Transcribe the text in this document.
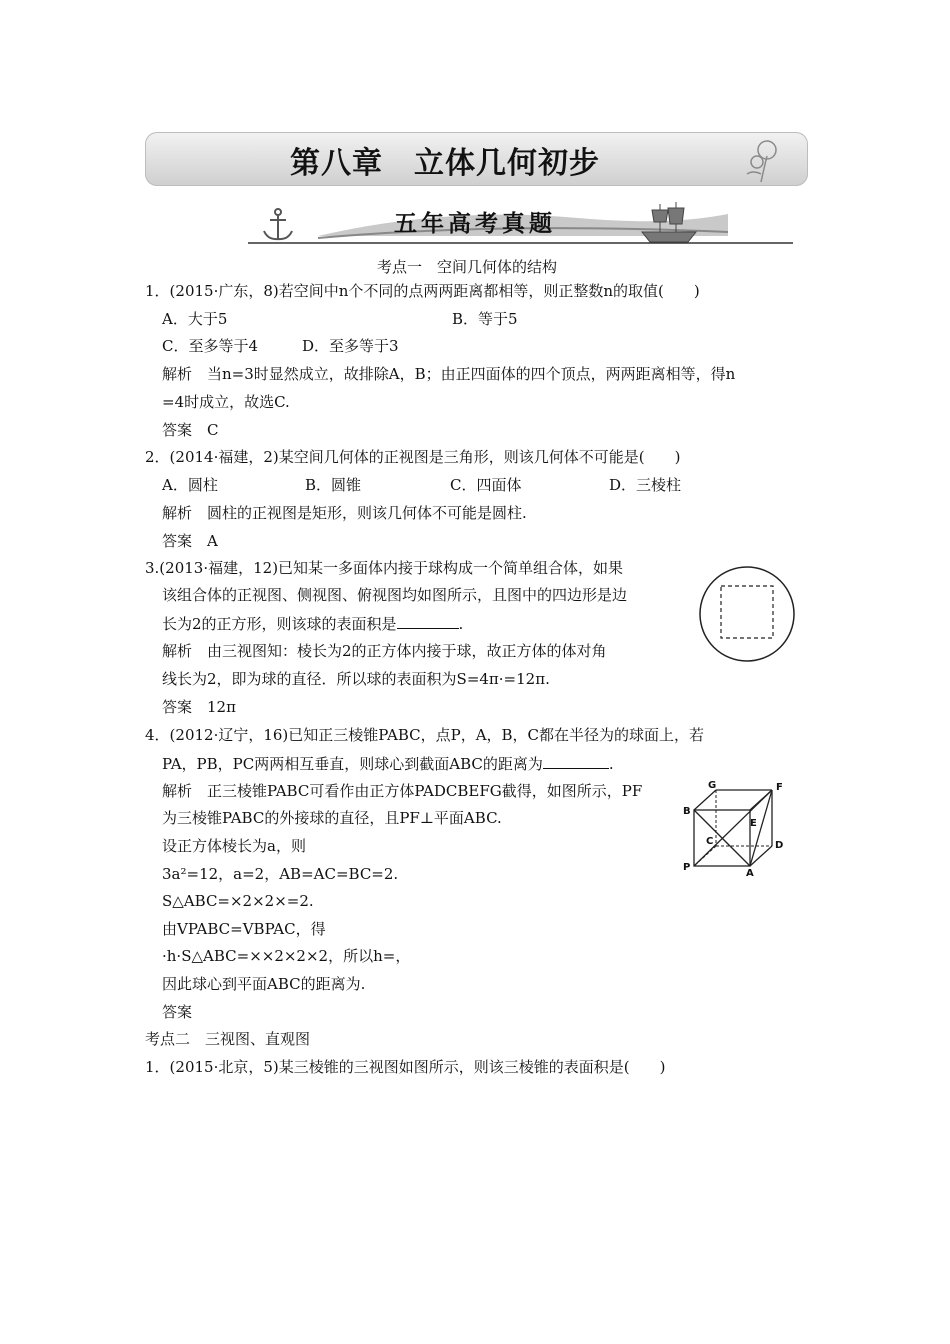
第八章　立体几何初步
五年高考真题
考点一　空间几何体的结构
1．(2015·广东，8)若空间中n个不同的点两两距离都相等，则正整数n的取值(　　)
A．大于5	B．等于5
C．至多等于4	D．至多等于3
解析　当n=3时显然成立，故排除A，B；由正四面体的四个顶点，两两距离相等，得n
=4时成立，故选C.
答案　C
2．(2014·福建，2)某空间几何体的正视图是三角形，则该几何体不可能是(　　)
A．圆柱	B．圆锥	C．四面体	D．三棱柱
解析　圆柱的正视图是矩形，则该几何体不可能是圆柱.
答案　A
3.(2013·福建，12)已知某一多面体内接于球构成一个简单组合体，如果
该组合体的正视图、侧视图、俯视图均如图所示，且图中的四边形是边
长为2的正方形，则该球的表面积是	.
解析　由三视图知：棱长为2的正方体内接于球，故正方体的体对角
线长为2，即为球的直径．所以球的表面积为S=4π·=12π.
答案　12π
4．(2012·辽宁，16)已知正三棱锥PABC，点P，A，B，C都在半径为的球面上，若
PA，PB，PC两两相互垂直，则球心到截面ABC的距离为	.
解析　正三棱锥PABC可看作由正方体PADCBEFG截得，如图所示，PF
为三棱锥PABC的外接球的直径，且PF⊥平面ABC.
设正方体棱长为a，则
3a²=12，a=2，AB=AC=BC=2.
S△ABC=×2×2×=2.
由VPABC=VBPAC，得
·h·S△ABC=××2×2×2，所以h=，
因此球心到平面ABC的距离为.
答案
G	F
B
E
C	D
P
A
考点二　三视图、直观图
1．(2015·北京，5)某三棱锥的三视图如图所示，则该三棱锥的表面积是(　　)
